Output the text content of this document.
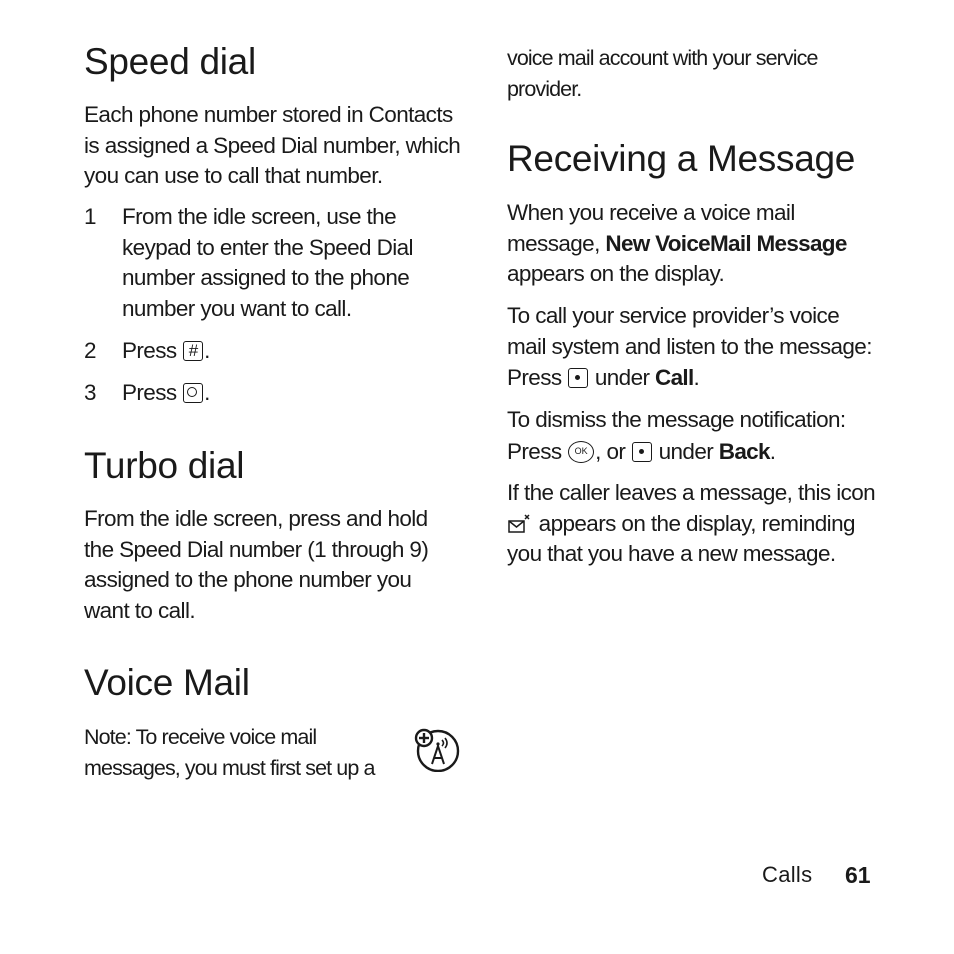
Speed dial

Each phone number stored in Contacts

is assigned a Speed Dial number, which

you can use to call that number.

1	From the idle screen, use the
keypad to enter the Speed Dial
number assigned to the phone
number you want to call.
2	Press # .
3	Press .
Turbo dial

From the idle screen, press and hold

the Speed Dial number (1 through 9)

assigned to the phone number you

want to call.

Voice Mail
Note: To receive voice mail
messages, you must first set up a
voice mail account with your service
provider.
Receiving a Message

When you receive a voice mail

message, New VoiceMail Message

appears on the display.

To call your service provider’s voice

mail system and listen to the message:

Press under Call.

To dismiss the message notification:

Press	OK , or under Back.

If the caller leaves a message, this icon

appears on the display, reminding

you that you have a new message.

Calls 61
